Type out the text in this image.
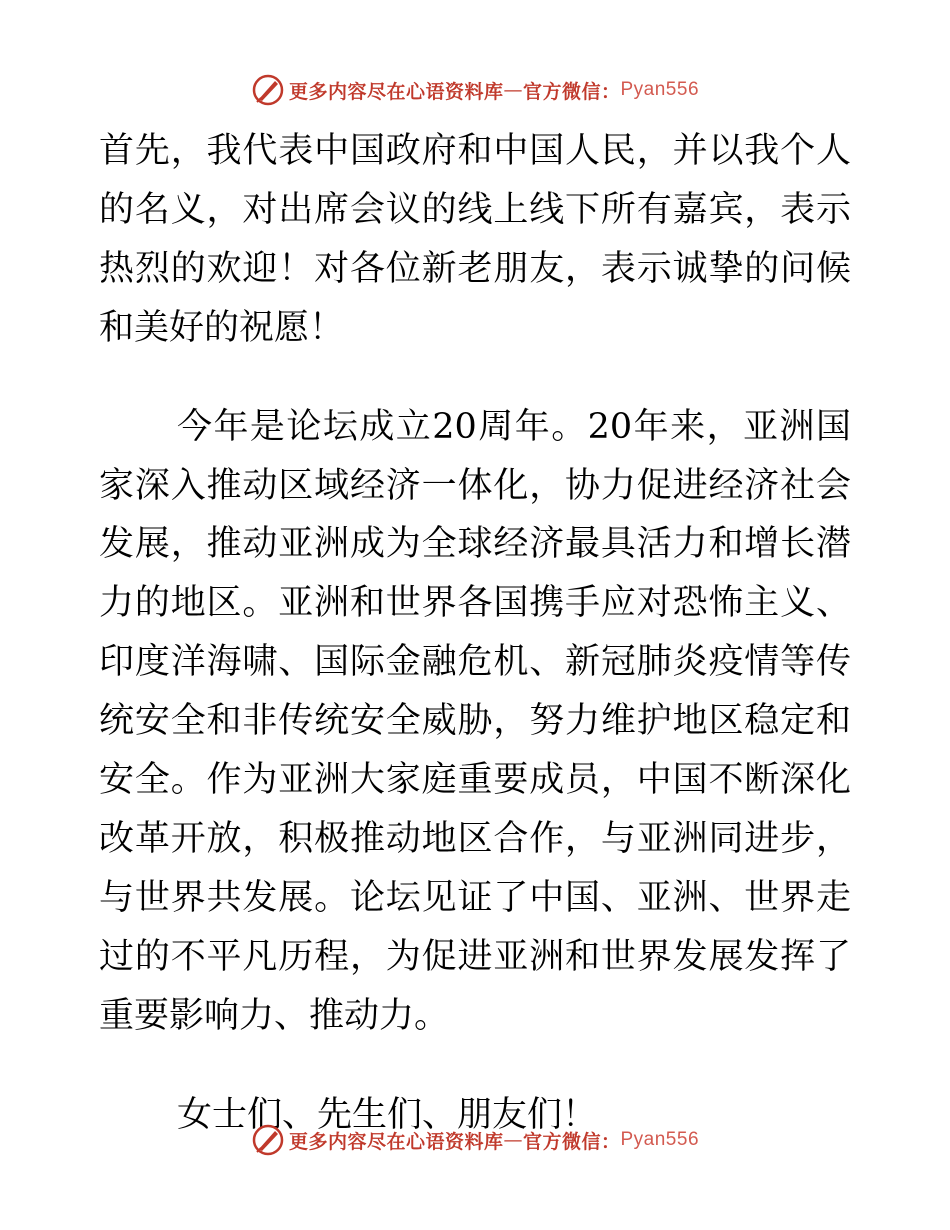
更多内容尽在心语资料库 — 官方微信： Pyan556

首先，我代表中国政府和中国人民，并以我个人的名义，对出席会议的线上线下所有嘉宾，表示热烈的欢迎！对各位新老朋友，表示诚挚的问候和美好的祝愿！

今年是论坛成立20周年。20年来，亚洲国家深入推动区域经济一体化，协力促进经济社会发展，推动亚洲成为全球经济最具活力和增长潜力的地区。亚洲和世界各国携手应对恐怖主义、印度洋海啸、国际金融危机、新冠肺炎疫情等传统安全和非传统安全威胁，努力维护地区稳定和安全。作为亚洲大家庭重要成员，中国不断深化改革开放，积极推动地区合作，与亚洲同进步，与世界共发展。论坛见证了中国、亚洲、世界走过的不平凡历程，为促进亚洲和世界发展发挥了重要影响力、推动力。

女士们、先生们、朋友们！

更多内容尽在心语资料库 — 官方微信： Pyan556
